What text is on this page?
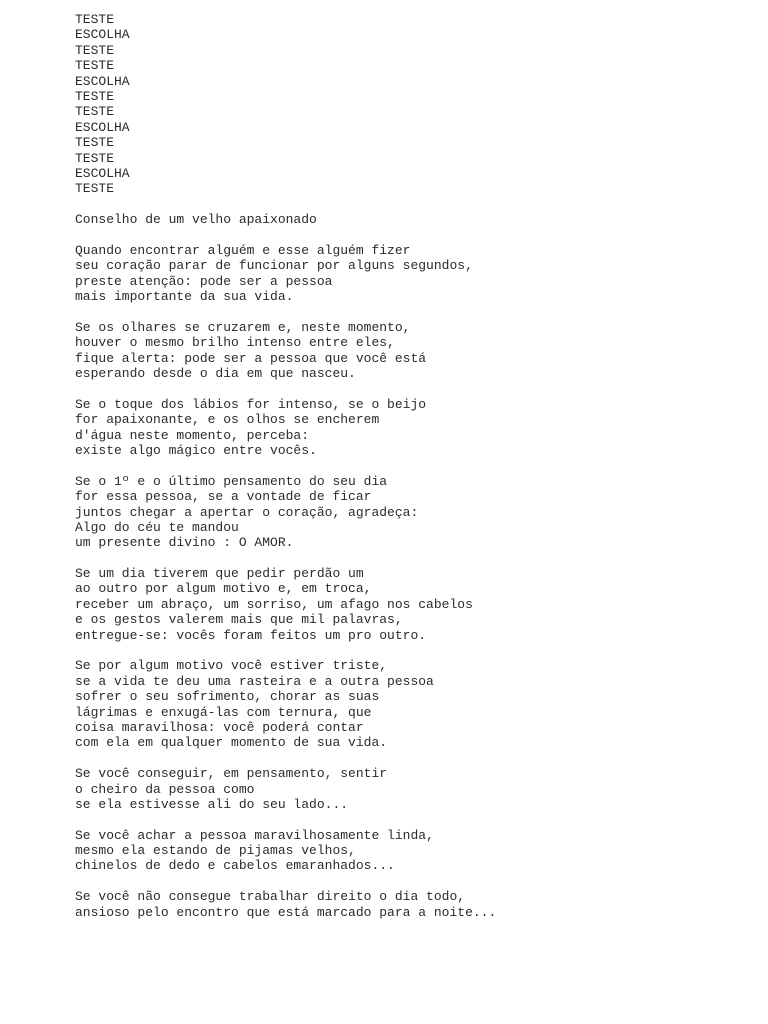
TESTE
ESCOLHA
TESTE
TESTE
ESCOLHA
TESTE
TESTE
ESCOLHA
TESTE
TESTE
ESCOLHA
TESTE
Conselho de um velho apaixonado
Quando encontrar alguém e esse alguém fizer
seu coração parar de funcionar por alguns segundos,
preste atenção: pode ser a pessoa
mais importante da sua vida.
Se os olhares se cruzarem e, neste momento,
houver o mesmo brilho intenso entre eles,
fique alerta: pode ser a pessoa que você está
esperando desde o dia em que nasceu.
Se o toque dos lábios for intenso, se o beijo
for apaixonante, e os olhos se encherem
d'água neste momento, perceba:
existe algo mágico entre vocês.
Se o 1º e o último pensamento do seu dia
for essa pessoa, se a vontade de ficar
juntos chegar a apertar o coração, agradeça:
Algo do céu te mandou
um presente divino : O AMOR.
Se um dia tiverem que pedir perdão um
ao outro por algum motivo e, em troca,
receber um abraço, um sorriso, um afago nos cabelos
e os gestos valerem mais que mil palavras,
entregue-se: vocês foram feitos um pro outro.
Se por algum motivo você estiver triste,
se a vida te deu uma rasteira e a outra pessoa
sofrer o seu sofrimento, chorar as suas
lágrimas e enxugá-las com ternura, que
coisa maravilhosa: você poderá contar
com ela em qualquer momento de sua vida.
Se você conseguir, em pensamento, sentir
o cheiro da pessoa como
se ela estivesse ali do seu lado...
Se você achar a pessoa maravilhosamente linda,
mesmo ela estando de pijamas velhos,
chinelos de dedo e cabelos emaranhados...
Se você não consegue trabalhar direito o dia todo,
ansioso pelo encontro que está marcado para a noite...
